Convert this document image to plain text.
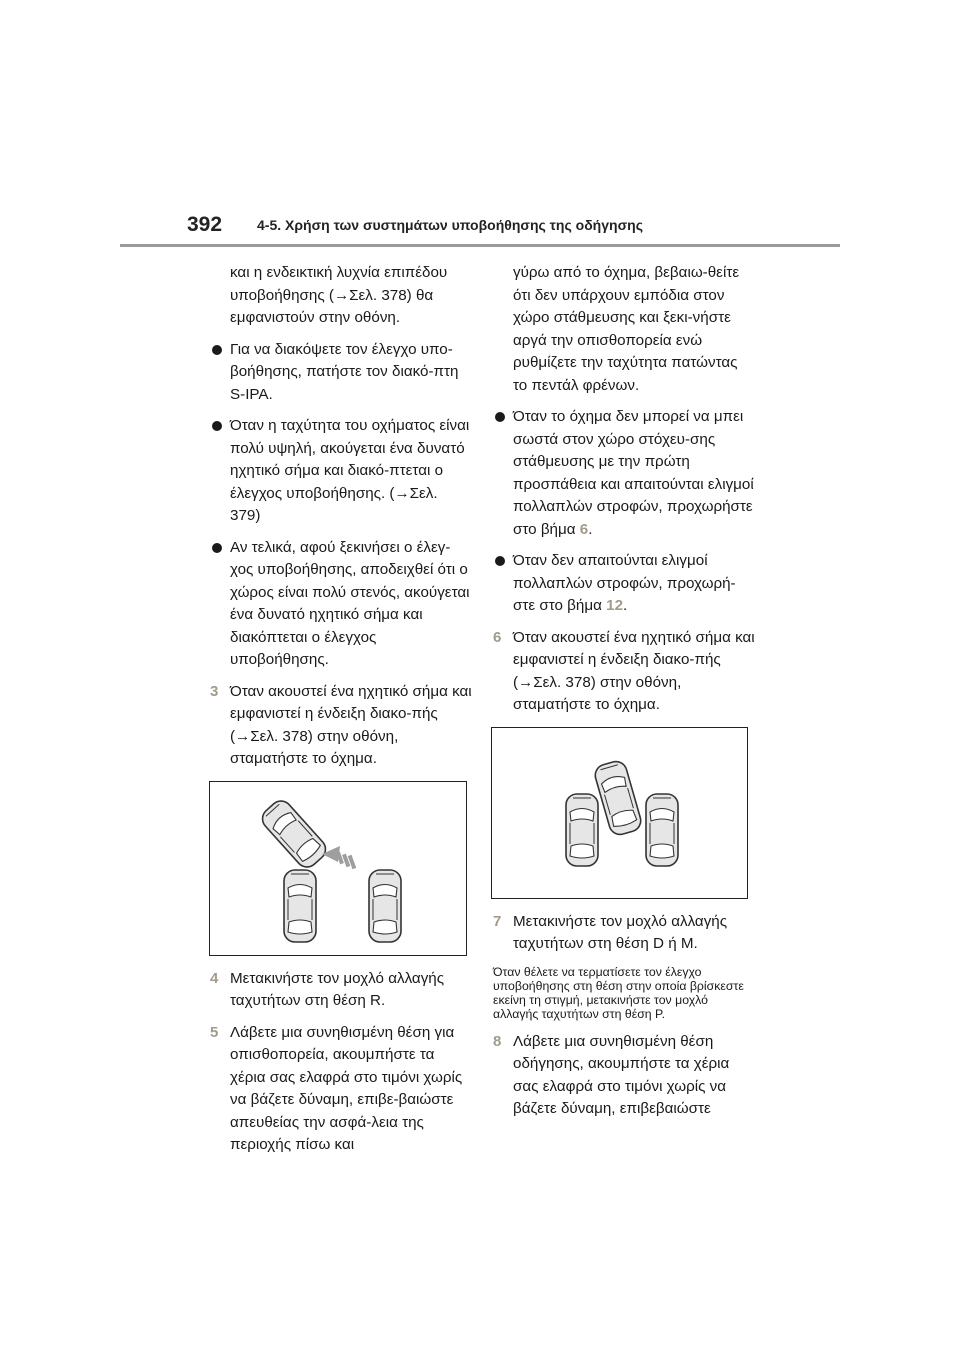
392 4-5. Χρήση των συστημάτων υποβοήθησης της οδήγησης

και η ενδεικτική λυχνία επιπέδου υποβοήθησης (→Σελ. 378) θα εμφανιστούν στην οθόνη.

Για να διακόψετε τον έλεγχο υπο-βοήθησης, πατήστε τον διακό-πτη S-IPA.

Όταν η ταχύτητα του οχήματος είναι πολύ υψηλή, ακούγεται ένα δυνατό ηχητικό σήμα και διακό-πτεται ο έλεγχος υποβοήθησης. (→Σελ. 379)

Αν τελικά, αφού ξεκινήσει ο έλεγ-χος υποβοήθησης, αποδειχθεί ότι ο χώρος είναι πολύ στενός, ακούγεται ένα δυνατό ηχητικό σήμα και διακόπτεται ο έλεγχος υποβοήθησης.

3 Όταν ακουστεί ένα ηχητικό σήμα και εμφανιστεί η ένδειξη διακο-πής (→Σελ. 378) στην οθόνη, σταματήστε το όχημα.

4 Μετακινήστε τον μοχλό αλλαγής ταχυτήτων στη θέση R.

5 Λάβετε μια συνηθισμένη θέση για οπισθοπορεία, ακουμπήστε τα χέρια σας ελαφρά στο τιμόνι χωρίς να βάζετε δύναμη, επιβε-βαιώστε απευθείας την ασφά-λεια της περιοχής πίσω και

γύρω από το όχημα, βεβαιω-θείτε ότι δεν υπάρχουν εμπόδια στον χώρο στάθμευσης και ξεκι-νήστε αργά την οπισθοπορεία ενώ ρυθμίζετε την ταχύτητα πατώντας το πεντάλ φρένων.

Όταν το όχημα δεν μπορεί να μπει σωστά στον χώρο στόχευ-σης στάθμευσης με την πρώτη προσπάθεια και απαιτούνται ελιγμοί πολλαπλών στροφών, προχωρήστε στο βήμα 6.

Όταν δεν απαιτούνται ελιγμοί πολλαπλών στροφών, προχωρή-στε στο βήμα 12.

6 Όταν ακουστεί ένα ηχητικό σήμα και εμφανιστεί η ένδειξη διακο-πής (→Σελ. 378) στην οθόνη, σταματήστε το όχημα.

7 Μετακινήστε τον μοχλό αλλαγής ταχυτήτων στη θέση D ή M.

Όταν θέλετε να τερματίσετε τον έλεγχο υποβοήθησης στη θέση στην οποία βρίσκεστε εκείνη τη στιγμή, μετακινήστε τον μοχλό αλλαγής ταχυτήτων στη θέση P.

8 Λάβετε μια συνηθισμένη θέση οδήγησης, ακουμπήστε τα χέρια σας ελαφρά στο τιμόνι χωρίς να βάζετε δύναμη, επιβεβαιώστε
